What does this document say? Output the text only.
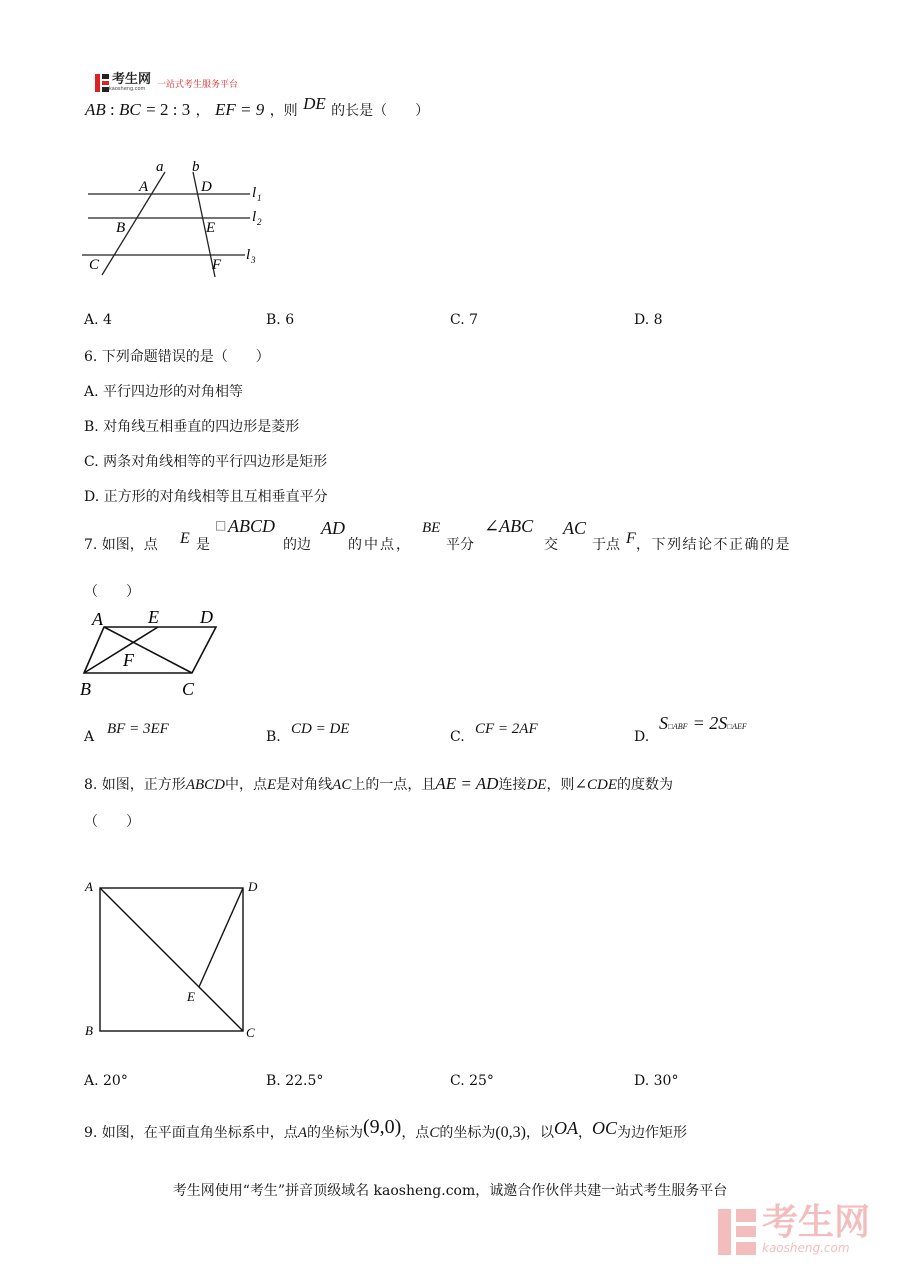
考生网
kaosheng.com	一站式考生服务平台
AB : BC = 2 : 3 ， EF = 9 ，则 DE 的长是（　　）
a b
A	D
B	E
C	F
l 1
l 2
l 3
A. 4	B. 6	C. 7	D. 8
6. 下列命题错误的是（　　）
A. 平行四边形的对角相等
B. 对角线互相垂直的四边形是菱形
C. 两条对角线相等的平行四边形是矩形
D. 正方形的对角线相等且互相垂直平分
7. 如图，点 E 是
□ ABCD
的边
AD
的中点，
BE
平分
∠ABC
交
AC
于点 F ，下列结论不正确的是
（　　）
A	E D
F
B	C
A BF = 3EF	B. CD = DE	C. CF = 2AF	D.
S□ABF = 2S□AEF
8. 如图，正方形ABCD中，点E是对角线AC上的一点，且AE = AD连接DE，则∠CDE的度数为
（　　）
A	D
E
B	C
A. 20°	B. 22.5°	C. 25°	D. 30°
9. 如图，在平面直角坐标系中，点A的坐标为(9,0)，点C的坐标为(0,3)，以OA，OC为边作矩形
考生网使用“考生”拼音顶级域名 kaosheng.com，诚邀合作伙伴共建一站式考生服务平台
考生网
kaosheng.com
